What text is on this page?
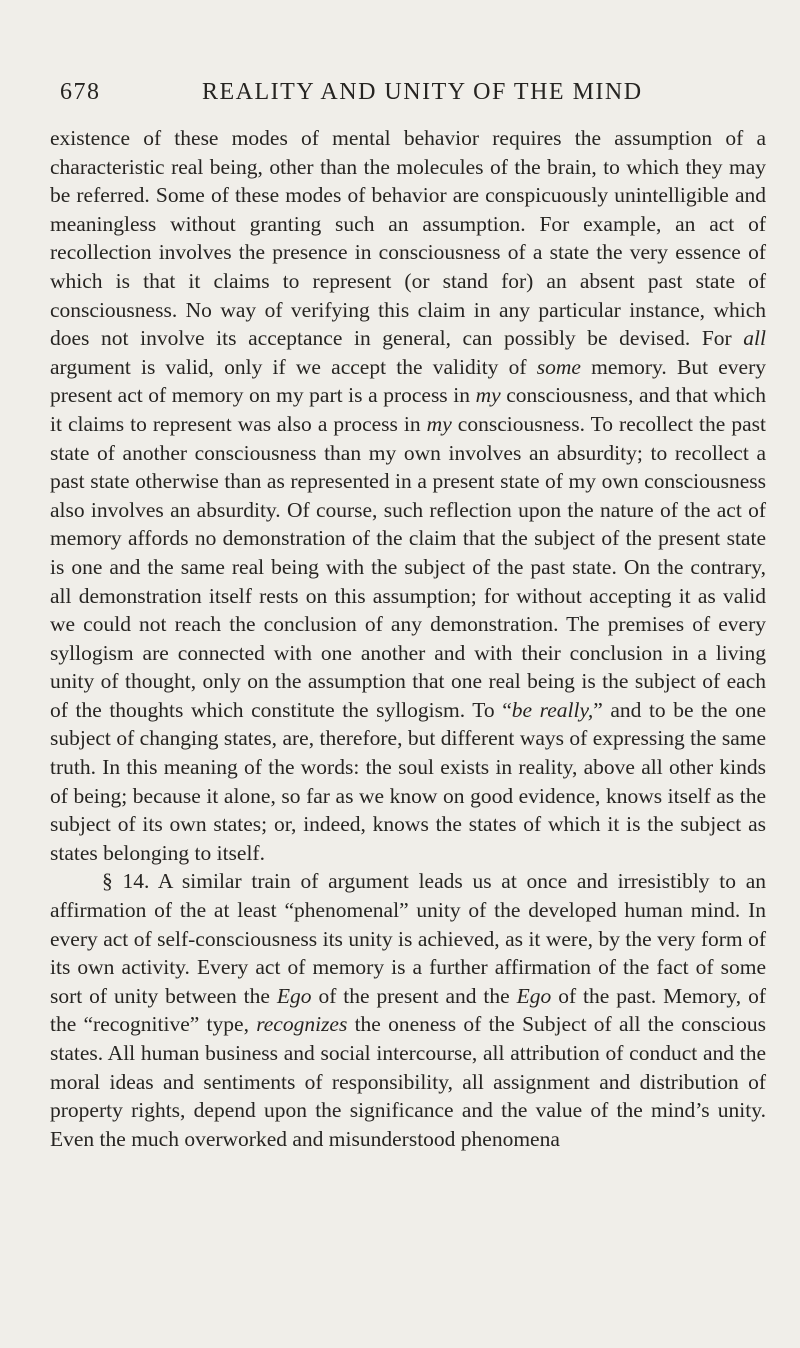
678	REALITY AND UNITY OF THE MIND

existence of these modes of mental behavior requires the assumption of a characteristic real being, other than the molecules of the brain, to which they may be referred. Some of these modes of behavior are conspicuously unintelligible and meaningless without granting such an assumption. For example, an act of recollection involves the presence in consciousness of a state the very essence of which is that it claims to represent (or stand for) an absent past state of consciousness. No way of verifying this claim in any particular instance, which does not involve its acceptance in general, can possibly be devised. For all argument is valid, only if we accept the validity of some memory. But every present act of memory on my part is a process in my consciousness, and that which it claims to represent was also a process in my consciousness. To recollect the past state of another consciousness than my own involves an absurdity; to recollect a past state otherwise than as represented in a present state of my own consciousness also involves an absurdity. Of course, such reflection upon the nature of the act of memory affords no demonstration of the claim that the subject of the present state is one and the same real being with the subject of the past state. On the contrary, all demonstration itself rests on this assumption; for without accepting it as valid we could not reach the conclusion of any demonstration. The premises of every syllogism are connected with one another and with their conclusion in a living unity of thought, only on the assumption that one real being is the subject of each of the thoughts which constitute the syllogism. To “be really,” and to be the one subject of changing states, are, therefore, but different ways of expressing the same truth. In this meaning of the words: the soul exists in reality, above all other kinds of being; because it alone, so far as we know on good evidence, knows itself as the subject of its own states; or, indeed, knows the states of which it is the subject as states belonging to itself.

§ 14. A similar train of argument leads us at once and irresistibly to an affirmation of the at least “phenomenal” unity of the developed human mind. In every act of self-consciousness its unity is achieved, as it were, by the very form of its own activity. Every act of memory is a further affirmation of the fact of some sort of unity between the Ego of the present and the Ego of the past. Memory, of the “recognitive” type, recognizes the oneness of the Subject of all the conscious states. All human business and social intercourse, all attribution of conduct and the moral ideas and sentiments of responsibility, all assignment and distribution of property rights, depend upon the significance and the value of the mind’s unity. Even the much overworked and misunderstood phenomena
